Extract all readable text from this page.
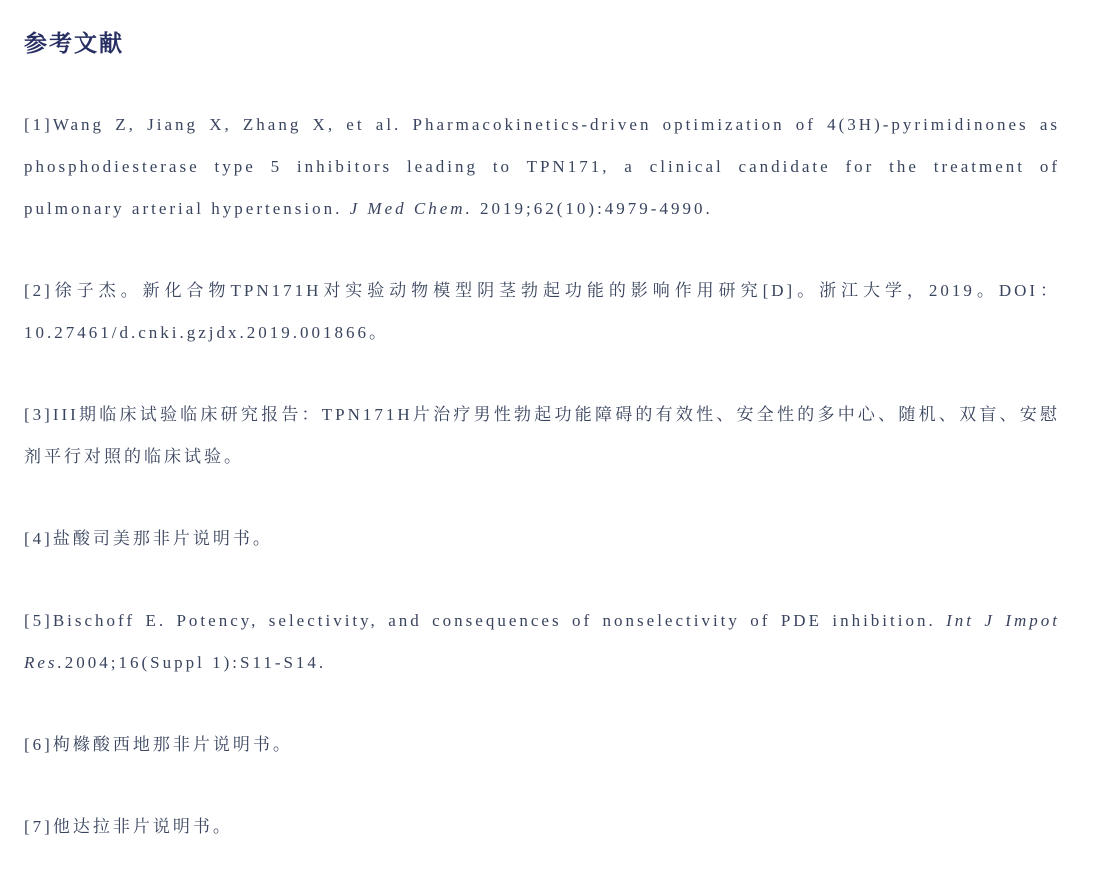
参考文献

[1]Wang Z, Jiang X, Zhang X, et al. Pharmacokinetics-driven optimization of 4(3H)-pyrimidinones as phosphodiesterase type 5 inhibitors leading to TPN171, a clinical candidate for the treatment of pulmonary arterial hypertension. J Med Chem. 2019;62(10):4979-4990.

[2]徐子杰。新化合物TPN171H对实验动物模型阴茎勃起功能的影响作用研究[D]。浙江大学，2019。DOI：10.27461/d.cnki.gzjdx.2019.001866。

[3]III期临床试验临床研究报告：TPN171H片治疗男性勃起功能障碍的有效性、安全性的多中心、随机、双盲、安慰剂平行对照的临床试验。

[4]盐酸司美那非片说明书。

[5]Bischoff E. Potency, selectivity, and consequences of nonselectivity of PDE inhibition. Int J Impot Res.2004;16(Suppl 1):S11-S14.

[6]枸橼酸西地那非片说明书。

[7]他达拉非片说明书。
